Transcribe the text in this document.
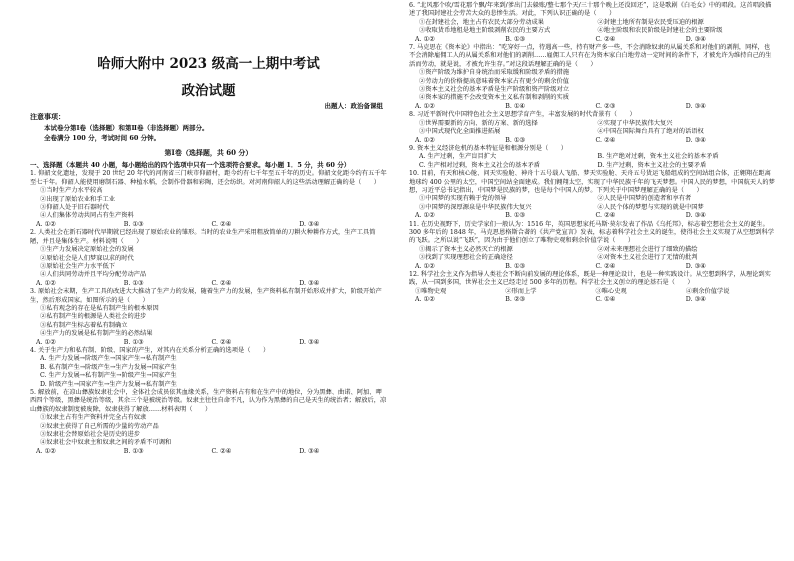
哈师大附中 2023 级高一上期中考试
政治试题
出题人：政治备课组
注意事项：
本试卷分第Ⅰ卷（选择题）和第Ⅱ卷（非选择题）两部分。
全卷满分 100 分，考试时间 60 分钟。
第Ⅰ卷（选择题，共 60 分）
一、选择题（本题共 40 小题，每小题给出的四个选项中只有一个选项符合要求。每小题 1．5 分，共 60 分）

1. 仰韶文化遗址，发现于 20 世纪 20 年代的河南省三门峡市仰韶村，距今约有七千年至五千年的历史。仰韶文化距今约有五千年至七千年。仰韶人能使用磨制石器、种植水稻，会制作骨器和彩陶，还会纺织。对河南仰韶人的这些活动理解正确的是（　　）

①当时生产力水平较高
②出现了原始农业和手工业
③仰韶人处于旧石器时代
④人们集体劳动共同占有生产资料
A. ①②	B. ①③	C. ②④	D. ③④

2. 人类社会在新石器时代早期就已经出现了原始农业的雏形。当时的农业生产采用粗放简单的刀耕火种耕作方式，生产工具简陋，并且是集体生产。材料说明（　　）

①生产力发展决定原始社会的发展
②原始社会是人们梦寐以求的时代
③原始社会生产力水平低下
④人们共同劳动并且平均分配劳动产品
A. ①②	B. ①③	C. ②④	D. ③④

3. 原始社会末期，生产工具的改进大大推动了生产力的发展，随着生产力的发展，生产资料私有制开始形成并扩大，阶级开始产生，然后形成国家。如图所示的是（　　）

①私有观念的存在是私有制产生的根本原因
②私有制产生的根源是人类社会的进步
③私有制产生标志着私有制确立
④生产力的发展是私有制产生的必然结果
A. ①②	B. ①③	C. ②④	D. ③④

4. 关于生产力和私有制、阶级、国家的产生，对其内在关系分析正确的选项是（　　）

A. 生产力发展→阶级产生→国家产生→私有制产生
B. 私有制产生→阶级产生→生产力发展→国家产生
C. 生产力发展→私有制产生→阶级产生→国家产生
D. 阶级产生→国家产生→生产力发展→私有制产生

5. 解放前，在凉山彝族奴隶社会中，全体社会成员依其血缘关系，生产资料占有和在生产中的地位，分为黑彝、曲诺、阿加、呷西四个等级，黑彝是统治等级，其余三个是被统治等级。奴隶主往往自命不凡，认为作为黑彝的自己是天生的统治者；解放后，凉山彝族的奴隶制度被废除，奴隶获得了解放……材料表明（　　）

①奴隶主占有生产资料并完全占有奴隶
②奴隶主获得了自己所需的少量的劳动产品
③奴隶社会替原始社会是历史的进步
④奴隶社会中奴隶主和奴隶之间的矛盾不可调和
A. ①②	B. ①③	C. ②④	D. ③④

6. “北风那个吹/雪花那个飘/年来到/爹出门去躲账/整七那个天/三十那个晚上还没回还”，这是歌剧《白毛女》中的唱段。这首唱段描述了我国封建社会劳苦大众的悲惨生活。对此，下列认识正确的是（　　）

①在封建社会，地主占有农民大部分劳动成果	②封建土地所有制是农民受压迫的根源
③收取货币地租是地主阶级剥削农民的主要方式	④地主阶级和农民阶级是封建社会的主要阶级
A. ①②	B. ①③	C. ②④	D. ③④

7. 马克思在《资本论》中指出：“吃穿好一点，待遇高一些，持有财产多一些，不会消除奴隶的从属关系和对他们的剥削，同样，也不会消除雇佣工人的从属关系和对他们的剥削……雇佣工人只有在为资本家白白地劳动一定时间的条件下，才被允许为维持自己的生活而劳动，就是说，才被允许生存。”对这段话理解正确的是（　　）

①资产阶级为维护自身统治而采取缓和阶级矛盾的措施
②劳动力的价格提高意味着资本家占有更少的剩余价值
③资本主义社会的基本矛盾是生产阶级和资产阶级对立
④资本家的措施不会改变资本主义私有制和剥削的实质
A. ①②	B. ①④	C. ②③	D. ③④

8. 习近平新时代中国特色社会主义思想学育产生，丰富发展的时代背景有（　　）

①世界需要新的方向、新的方案、新的选择	②实现了中华民族伟大复兴
③中国式现代化全面推进拓展	④中国在国际舞台具有了绝对的话语权
A. ①②	B. ①③	C. ②④	D. ③④

9. 资本主义经济危机的基本特征是和根源分别是（　　）

A. 生产过剩，生产盲目扩大	B. 生产绝对过剩，资本主义社会的基本矛盾
C. 生产相对过剩，资本主义社会的基本矛盾	D. 生产过剩，资本主义社会的主要矛盾

10. 目前，有天和核心舱、问天实验舱、神舟十五号载人飞船、梦天实验舱、天舟五号货运飞船组成的空间站组合体，正翱翔在距离地球约 400 公里的太空，中国空间站全面建成。我们翱翔太空，实现了中华民族千年的飞天梦想。中国人民的梦想，中国航天人的梦想，习近平总书记指出，中国梦是民族的梦，也是每个中国人的梦。下列关于中国梦理解正确的是（　　）

①中国梦的实现有赖于党的领导	②人民是中国梦的创造者和享有者
③中国梦的深厚源泉是中华民族伟大复兴	④人民个体的梦想与实现的就是中国梦
A. ①②	B. ①③	C. ②④	D. ③④

11. 在历史视野下，历史学家们一般认为：1516 年，英国思想家托马斯·莫尔发表了作品《乌托邦》，标志着空想社会主义的诞生。300 多年后的 1848 年，马克思恩格斯合著的《共产党宣言》发表，标志着科学社会主义的诞生，使得社会主义实现了从空想到科学的飞跃。之所以说“飞跃”，因为由于他们创立了唯物史观和剩余价值学说（　　）

①揭示了资本主义必然灭亡的根源	②对未来理想社会进行了细致的描绘
③找到了实现理想社会的正确途径	④对资本主义社会进行了无情的批判
A. ①②	B. ①③	C. ②④	D. ③④

12. 科学社会主义作为指导人类社会不断向前发展的理论体系，既是一种理论设计，也是一种实践设计。从空想到科学，从理论到实践，从一国到多国，世界社会主义已经走过 500 多年的历程。科学社会主义创立的理论基石是（　　）

①唯物史观	②形而上学	③唯心史观	④剩余价值学说
A. ①②	B. ②③	C. ①④	D. ③④
